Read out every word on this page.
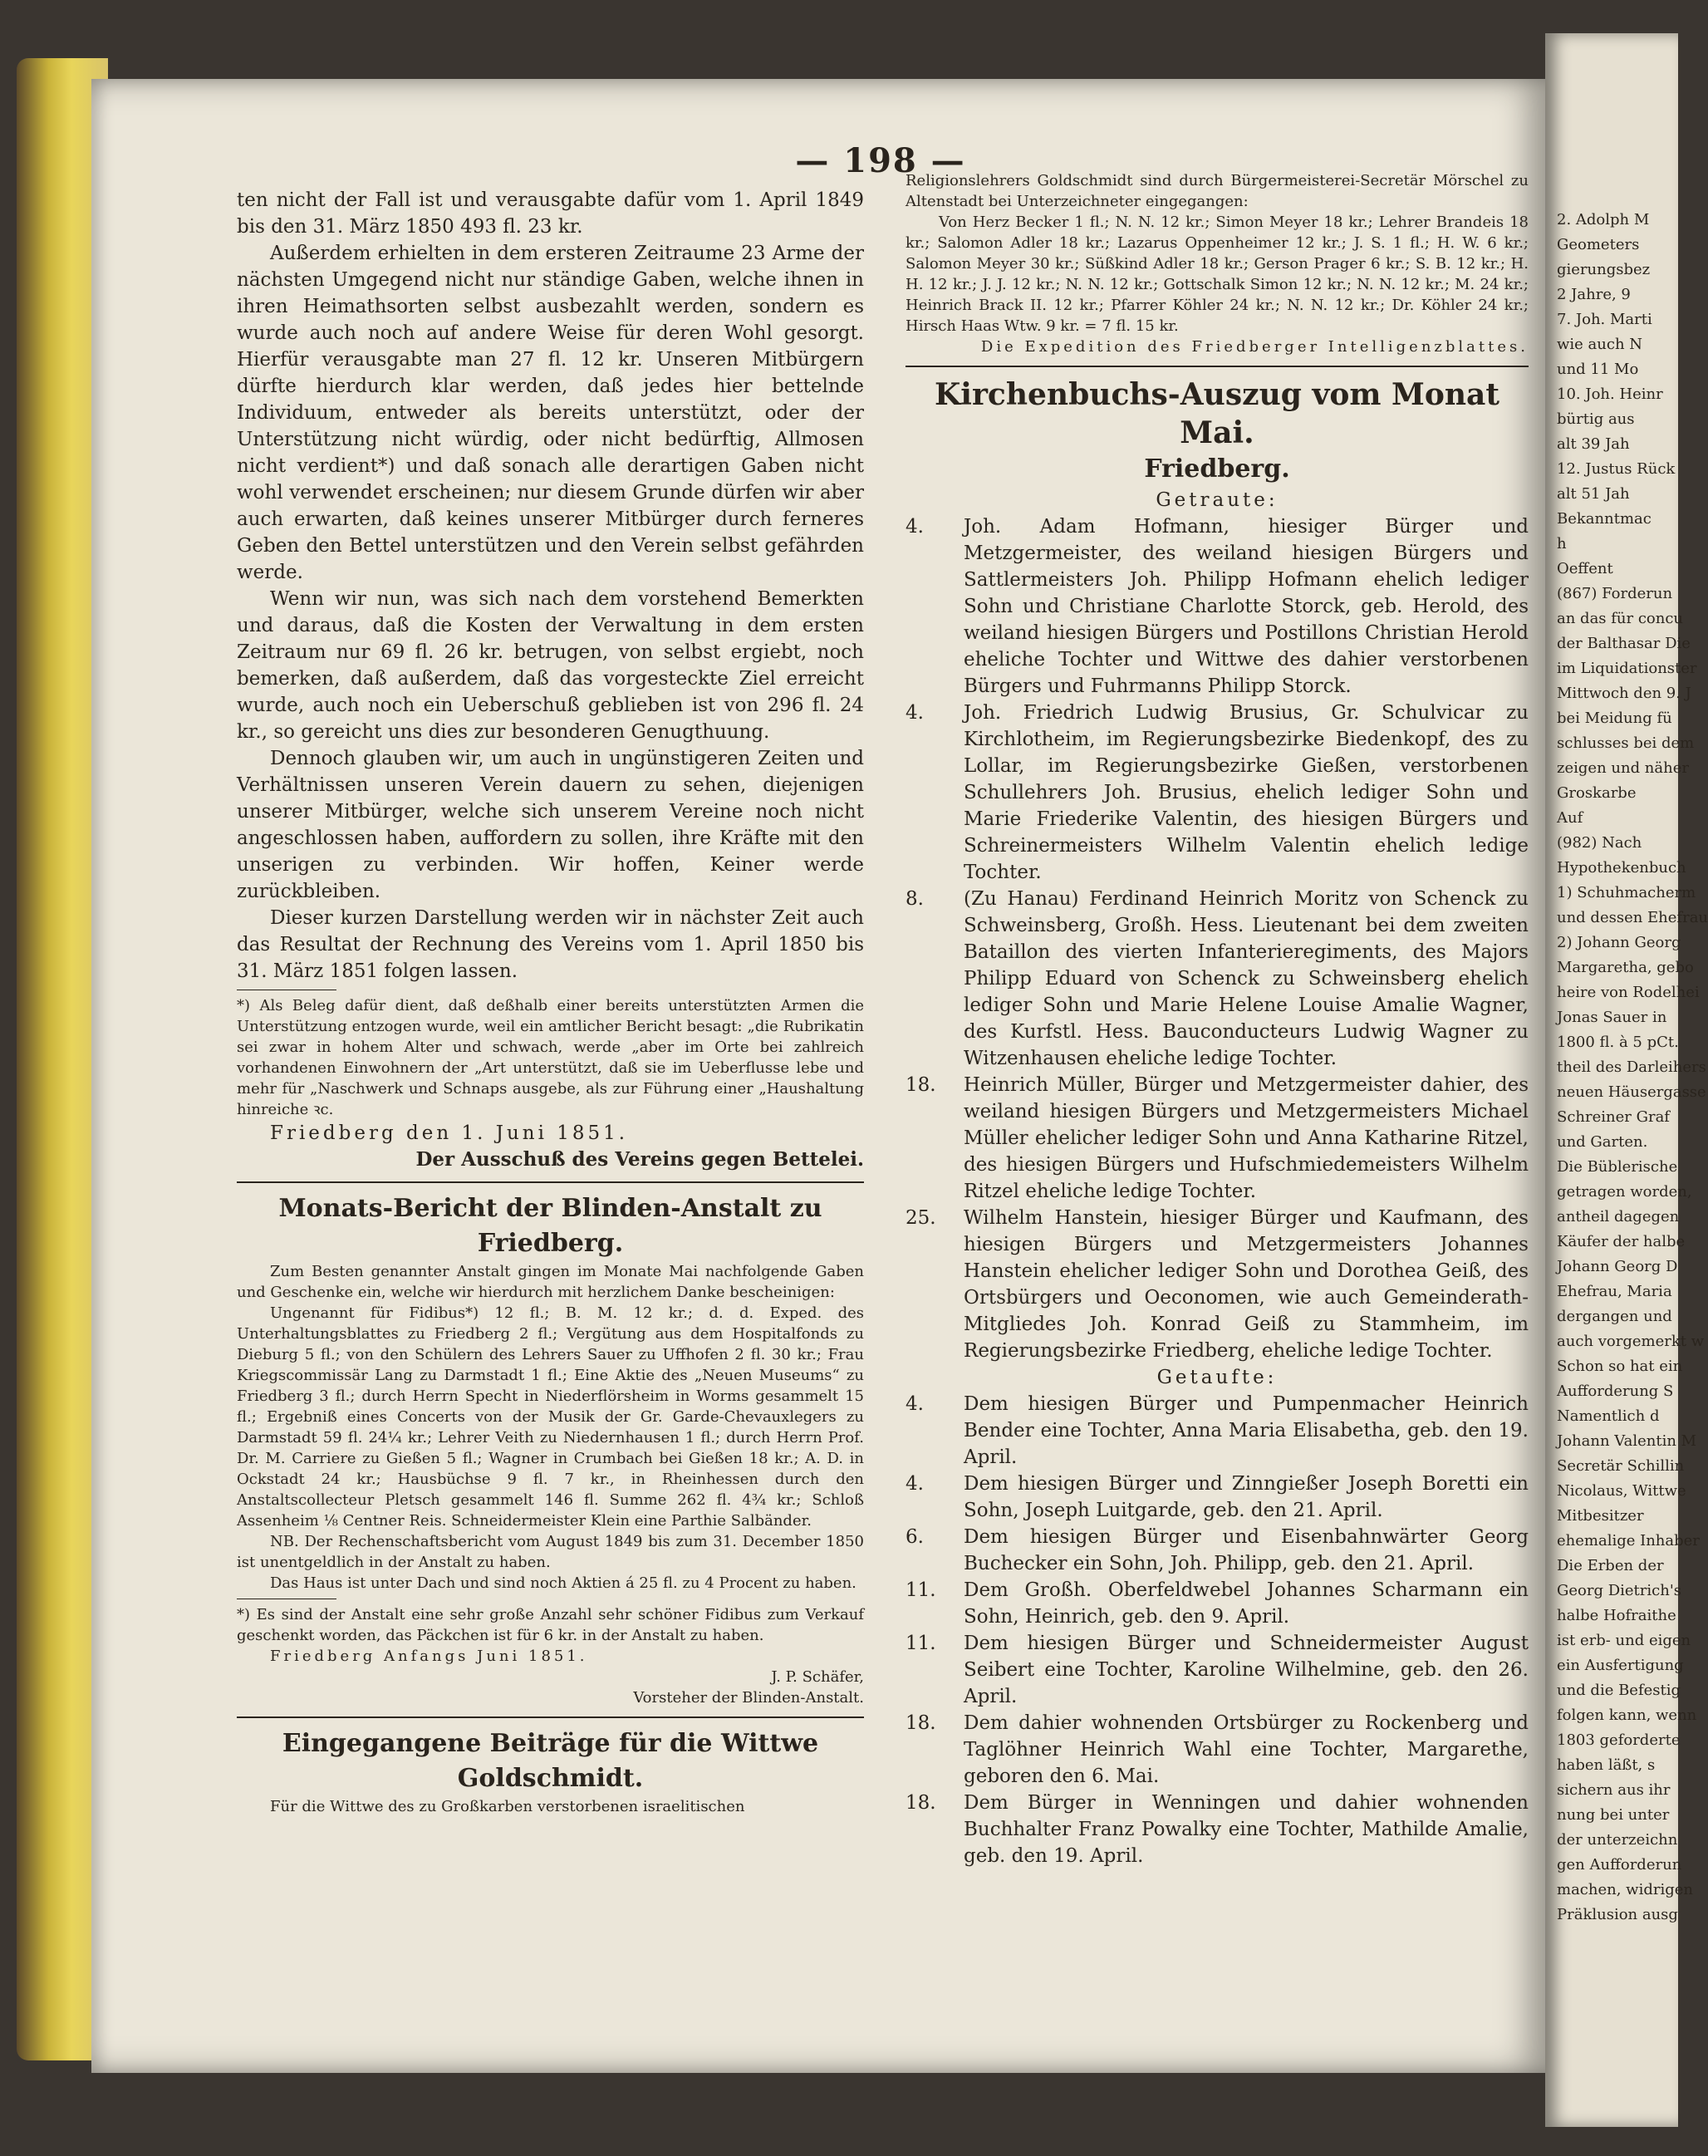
— 198 —

ten nicht der Fall ist und verausgabte dafür vom 1. April 1849 bis den 31. März 1850 493 fl. 23 kr.

Außerdem erhielten in dem ersteren Zeitraume 23 Arme der nächsten Umgegend nicht nur ständige Gaben, welche ihnen in ihren Heimathsorten selbst ausbezahlt werden, sondern es wurde auch noch auf andere Weise für deren Wohl gesorgt. Hierfür verausgabte man 27 fl. 12 kr. Unseren Mitbürgern dürfte hierdurch klar werden, daß jedes hier bettelnde Individuum, entweder als bereits unterstützt, oder der Unterstützung nicht würdig, oder nicht bedürftig, Allmosen nicht verdient*) und daß sonach alle derartigen Gaben nicht wohl verwendet erscheinen; nur diesem Grunde dürfen wir aber auch erwarten, daß keines unserer Mitbürger durch ferneres Geben den Bettel unterstützen und den Verein selbst gefährden werde.

Wenn wir nun, was sich nach dem vorstehend Bemerkten und daraus, daß die Kosten der Verwaltung in dem ersten Zeitraum nur 69 fl. 26 kr. betrugen, von selbst ergiebt, noch bemerken, daß außerdem, daß das vorgesteckte Ziel erreicht wurde, auch noch ein Ueberschuß geblieben ist von 296 fl. 24 kr., so gereicht uns dies zur besonderen Genugthuung.

Dennoch glauben wir, um auch in ungünstigeren Zeiten und Verhältnissen unseren Verein dauern zu sehen, diejenigen unserer Mitbürger, welche sich unserem Vereine noch nicht angeschlossen haben, auffordern zu sollen, ihre Kräfte mit den unserigen zu verbinden. Wir hoffen, Keiner werde zurückbleiben.

Dieser kurzen Darstellung werden wir in nächster Zeit auch das Resultat der Rechnung des Vereins vom 1. April 1850 bis 31. März 1851 folgen lassen.

*) Als Beleg dafür dient, daß deßhalb einer bereits unterstützten Armen die Unterstützung entzogen wurde, weil ein amtlicher Bericht besagt: „die Rubrikatin sei zwar in hohem Alter und schwach, werde „aber im Orte bei zahlreich vorhandenen Einwohnern der „Art unterstützt, daß sie im Ueberflusse lebe und mehr für „Naschwerk und Schnaps ausgebe, als zur Führung einer „Haushaltung hinreiche ꝛc.

Friedberg den 1. Juni 1851.

Der Ausschuß des Vereins gegen Bettelei.

Monats-Bericht der Blinden-Anstalt zu Friedberg.

Zum Besten genannter Anstalt gingen im Monate Mai nachfolgende Gaben und Geschenke ein, welche wir hierdurch mit herzlichem Danke bescheinigen:

Ungenannt für Fidibus*) 12 fl.; B. M. 12 kr.; d. d. Exped. des Unterhaltungsblattes zu Friedberg 2 fl.; Vergütung aus dem Hospitalfonds zu Dieburg 5 fl.; von den Schülern des Lehrers Sauer zu Uffhofen 2 fl. 30 kr.; Frau Kriegscommissär Lang zu Darmstadt 1 fl.; Eine Aktie des „Neuen Museums“ zu Friedberg 3 fl.; durch Herrn Specht in Niederflörsheim in Worms gesammelt 15 fl.; Ergebniß eines Concerts von der Musik der Gr. Garde-Chevauxlegers zu Darmstadt 59 fl. 24¼ kr.; Lehrer Veith zu Niedernhausen 1 fl.; durch Herrn Prof. Dr. M. Carriere zu Gießen 5 fl.; Wagner in Crumbach bei Gießen 18 kr.; A. D. in Ockstadt 24 kr.; Hausbüchse 9 fl. 7 kr., in Rheinhessen durch den Anstaltscollecteur Pletsch gesammelt 146 fl. Summe 262 fl. 4¾ kr.; Schloß Assenheim ⅛ Centner Reis. Schneidermeister Klein eine Parthie Salbänder.

NB. Der Rechenschaftsbericht vom August 1849 bis zum 31. December 1850 ist unentgeldlich in der Anstalt zu haben.

Das Haus ist unter Dach und sind noch Aktien á 25 fl. zu 4 Procent zu haben.

*) Es sind der Anstalt eine sehr große Anzahl sehr schöner Fidibus zum Verkauf geschenkt worden, das Päckchen ist für 6 kr. in der Anstalt zu haben.

Friedberg Anfangs Juni 1851.

J. P. Schäfer,

Vorsteher der Blinden-Anstalt.

Eingegangene Beiträge für die Wittwe Goldschmidt.

Für die Wittwe des zu Großkarben verstorbenen israelitischen

Religionslehrers Goldschmidt sind durch Bürgermeisterei-Secretär Mörschel zu Altenstadt bei Unterzeichneter eingegangen:

Von Herz Becker 1 fl.; N. N. 12 kr.; Simon Meyer 18 kr.; Lehrer Brandeis 18 kr.; Salomon Adler 18 kr.; Lazarus Oppenheimer 12 kr.; J. S. 1 fl.; H. W. 6 kr.; Salomon Meyer 30 kr.; Süßkind Adler 18 kr.; Gerson Prager 6 kr.; S. B. 12 kr.; H. H. 12 kr.; J. J. 12 kr.; N. N. 12 kr.; Gottschalk Simon 12 kr.; N. N. 12 kr.; M. 24 kr.; Heinrich Brack II. 12 kr.; Pfarrer Köhler 24 kr.; N. N. 12 kr.; Dr. Köhler 24 kr.; Hirsch Haas Wtw. 9 kr. = 7 fl. 15 kr.

Die Expedition des Friedberger Intelligenzblattes.

Kirchenbuchs-Auszug vom Monat Mai.

Friedberg.

Getraute:

4.	Joh. Adam Hofmann, hiesiger Bürger und Metzgermeister, des weiland hiesigen Bürgers und Sattlermeisters Joh. Philipp Hofmann ehelich lediger Sohn und Christiane Charlotte Storck, geb. Herold, des weiland hiesigen Bürgers und Postillons Christian Herold eheliche Tochter und Wittwe des dahier verstorbenen Bürgers und Fuhrmanns Philipp Storck.
4.	Joh. Friedrich Ludwig Brusius, Gr. Schulvicar zu Kirchlotheim, im Regierungsbezirke Biedenkopf, des zu Lollar, im Regierungsbezirke Gießen, verstorbenen Schullehrers Joh. Brusius, ehelich lediger Sohn und Marie Friederike Valentin, des hiesigen Bürgers und Schreinermeisters Wilhelm Valentin ehelich ledige Tochter.
8.	(Zu Hanau) Ferdinand Heinrich Moritz von Schenck zu Schweinsberg, Großh. Hess. Lieutenant bei dem zweiten Bataillon des vierten Infanterieregiments, des Majors Philipp Eduard von Schenck zu Schweinsberg ehelich lediger Sohn und Marie Helene Louise Amalie Wagner, des Kurfstl. Hess. Bauconducteurs Ludwig Wagner zu Witzenhausen eheliche ledige Tochter.
18.	Heinrich Müller, Bürger und Metzgermeister dahier, des weiland hiesigen Bürgers und Metzgermeisters Michael Müller ehelicher lediger Sohn und Anna Katharine Ritzel, des hiesigen Bürgers und Hufschmiedemeisters Wilhelm Ritzel eheliche ledige Tochter.
25.	Wilhelm Hanstein, hiesiger Bürger und Kaufmann, des hiesigen Bürgers und Metzgermeisters Johannes Hanstein ehelicher lediger Sohn und Dorothea Geiß, des Ortsbürgers und Oeconomen, wie auch Gemeinderath-Mitgliedes Joh. Konrad Geiß zu Stammheim, im Regierungsbezirke Friedberg, eheliche ledige Tochter.

Getaufte:

4.	Dem hiesigen Bürger und Pumpenmacher Heinrich Bender eine Tochter, Anna Maria Elisabetha, geb. den 19. April.
4.	Dem hiesigen Bürger und Zinngießer Joseph Boretti ein Sohn, Joseph Luitgarde, geb. den 21. April.
6.	Dem hiesigen Bürger und Eisenbahnwärter Georg Buchecker ein Sohn, Joh. Philipp, geb. den 21. April.
11.	Dem Großh. Oberfeldwebel Johannes Scharmann ein Sohn, Heinrich, geb. den 9. April.
11.	Dem hiesigen Bürger und Schneidermeister August Seibert eine Tochter, Karoline Wilhelmine, geb. den 26. April.
18.	Dem dahier wohnenden Ortsbürger zu Rockenberg und Taglöhner Heinrich Wahl eine Tochter, Margarethe, geboren den 6. Mai.
18.	Dem Bürger in Wenningen und dahier wohnenden Buchhalter Franz Powalky eine Tochter, Mathilde Amalie, geb. den 19. April.
2. Adolph M
Geometers
gierungsbez
2 Jahre, 9
7. Joh. Marti
wie auch N
und 11 Mo
10. Joh. Heinr
bürtig aus
alt 39 Jah
12. Justus Rück
alt 51 Jah
Bekanntmac
h
Oeffent
(867) Forderun
an das für concu
der Balthasar Die
im Liquidationster
Mittwoch den 9. J
bei Meidung fü
schlusses bei dem
zeigen und näher
Groskarbe
Auf
(982) Nach
Hypothekenbuch
1) Schuhmacherm
und dessen Ehefrau
2) Johann Georg
Margaretha, gebo
heire von Rodelhei
Jonas Sauer in
1800 fl. à 5 pCt.
theil des Darleihers
neuen Häusergasse
Schreiner Graf
und Garten.
Die Büblerische
getragen worden,
antheil dagegen
Käufer der halbe
Johann Georg D
Ehefrau, Maria
dergangen und
auch vorgemerkt w
Schon so hat ein
Aufforderung S
Namentlich d
Johann Valentin M
Secretär Schillin
Nicolaus, Wittwe
Mitbesitzer
ehemalige Inhaber
Die Erben der
Georg Dietrich's
halbe Hofraithe
ist erb- und eigen
ein Ausfertigung
und die Befestig
folgen kann, wenn
1803 geforderte
haben läßt, s
sichern aus ihr
nung bei unter
der unterzeichn
gen Aufforderun
machen, widrigen
Präklusion ausg
